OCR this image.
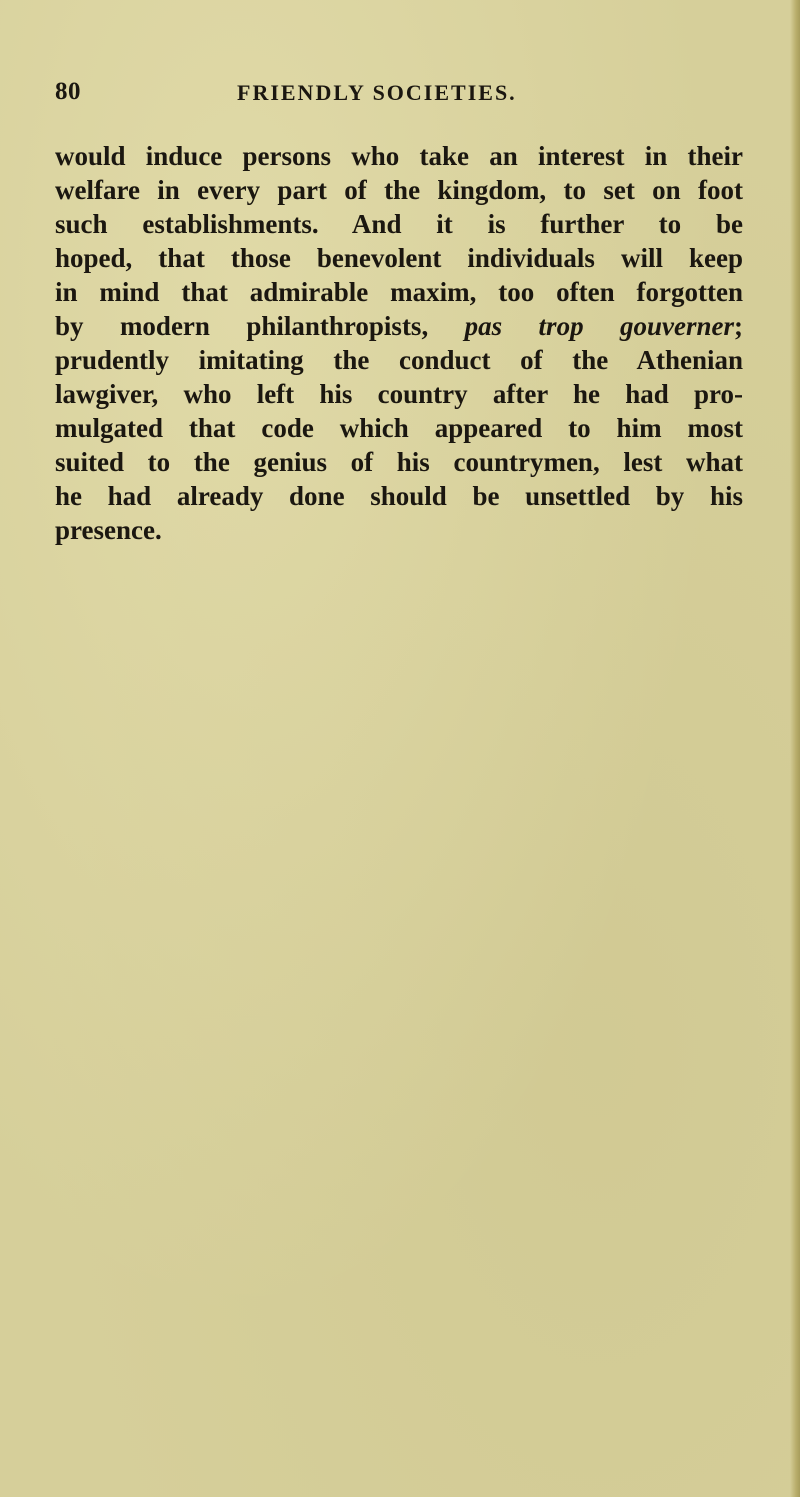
80	FRIENDLY SOCIETIES.
would induce persons who take an interest in their
welfare in every part of the kingdom, to set on foot
such establishments. And it is further to be
hoped, that those benevolent individuals will keep
in mind that admirable maxim, too often forgotten
by modern philanthropists, pas trop gouverner;
prudently imitating the conduct of the Athenian
lawgiver, who left his country after he had pro-
mulgated that code which appeared to him most
suited to the genius of his countrymen, lest what
he had already done should be unsettled by his
presence.
